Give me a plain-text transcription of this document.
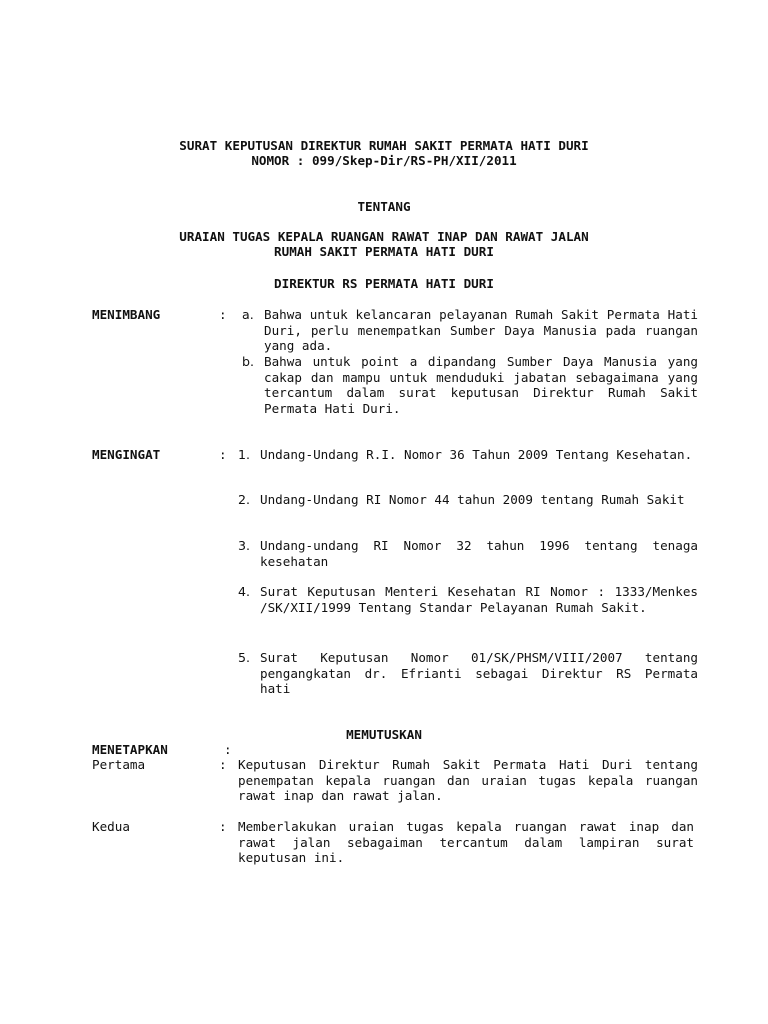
SURAT KEPUTUSAN DIREKTUR RUMAH SAKIT PERMATA HATI DURI
NOMOR : 099/Skep-Dir/RS-PH/XII/2011
TENTANG
URAIAN TUGAS KEPALA RUANGAN RAWAT INAP DAN RAWAT JALAN
RUMAH SAKIT PERMATA HATI DURI
DIREKTUR RS PERMATA HATI DURI
MENIMBANG	: a. Bahwa untuk kelancaran pelayanan Rumah Sakit Permata Hati Duri, perlu menempatkan Sumber Daya Manusia pada ruangan yang ada.
b. Bahwa untuk point a dipandang Sumber Daya Manusia yang cakap dan mampu untuk menduduki jabatan sebagaimana yang tercantum dalam surat keputusan Direktur Rumah Sakit Permata Hati Duri.
MENGINGAT	: 1. Undang-Undang R.I. Nomor 36 Tahun 2009 Tentang Kesehatan.
2. Undang-Undang RI Nomor 44 tahun 2009 tentang Rumah Sakit
3. Undang-undang RI Nomor 32 tahun 1996 tentang tenaga kesehatan
4. Surat Keputusan Menteri Kesehatan RI Nomor : 1333/Menkes /SK/XII/1999 Tentang Standar Pelayanan Rumah Sakit.
5. Surat Keputusan Nomor 01/SK/PHSM/VIII/2007 tentang pengangkatan dr. Efrianti sebagai Direktur RS Permata hati
MEMUTUSKAN
MENETAPKAN	:
Pertama	: Keputusan Direktur Rumah Sakit Permata Hati Duri tentang penempatan kepala ruangan dan uraian tugas kepala ruangan rawat inap dan rawat jalan.
Kedua	: Memberlakukan uraian tugas kepala ruangan rawat inap dan rawat jalan sebagaiman tercantum dalam lampiran surat keputusan ini.
